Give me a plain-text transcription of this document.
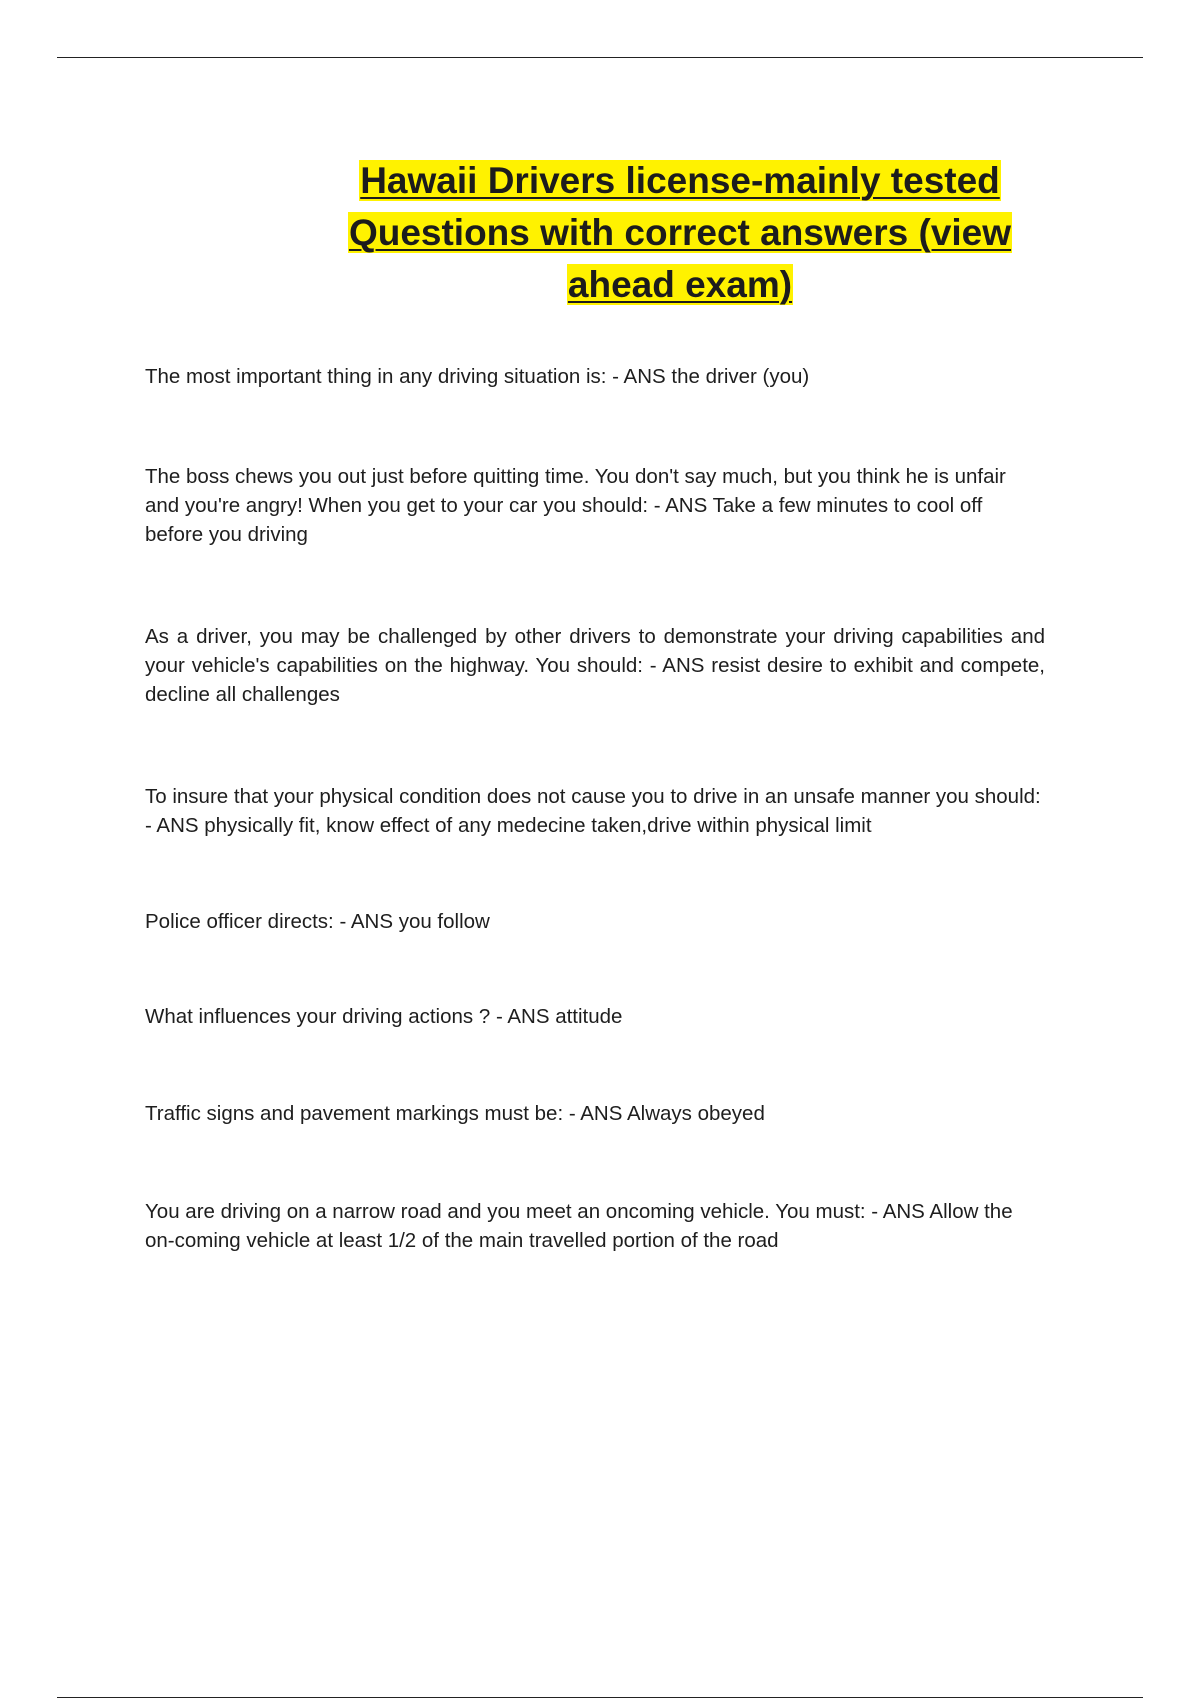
Hawaii Drivers license-mainly tested Questions with correct answers (view ahead exam)

The most important thing in any driving situation is: - ANS the driver (you)

The boss chews you out just before quitting time. You don't say much, but you think he is unfair and you're angry! When you get to your car you should: - ANS Take a few minutes to cool off before you driving

As a driver, you may be challenged by other drivers to demonstrate your driving capabilities and your vehicle's capabilities on the highway. You should: - ANS resist desire to exhibit and compete, decline all challenges

To insure that your physical condition does not cause you to drive in an unsafe manner you should: - ANS physically fit, know effect of any medecine taken,drive within physical limit

Police officer directs: - ANS you follow

What influences your driving actions ? - ANS attitude

Traffic signs and pavement markings must be: - ANS Always obeyed

You are driving on a narrow road and you meet an oncoming vehicle. You must: - ANS Allow the on-coming vehicle at least 1/2 of the main travelled portion of the road
